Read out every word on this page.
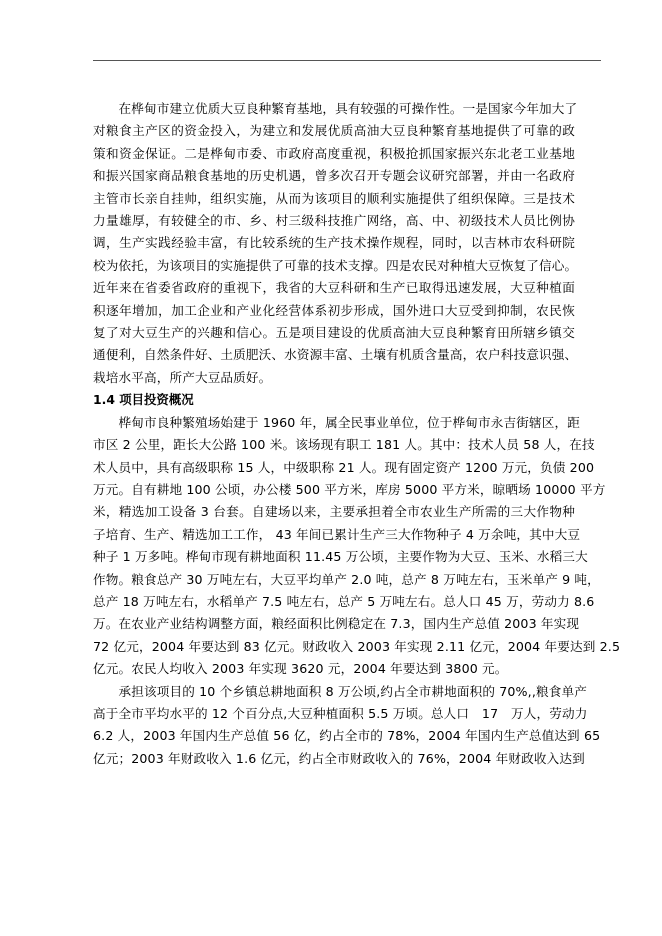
　　在桦甸市建立优质大豆良种繁育基地，具有较强的可操作性。一是国家今年加大了
对粮食主产区的资金投入，为建立和发展优质高油大豆良种繁育基地提供了可靠的政
策和资金保证。二是桦甸市委、市政府高度重视，积极抢抓国家振兴东北老工业基地
和振兴国家商品粮食基地的历史机遇，曾多次召开专题会议研究部署，并由一名政府
主管市长亲自挂帅，组织实施，从而为该项目的顺利实施提供了组织保障。三是技术
力量雄厚，有较健全的市、乡、村三级科技推广网络，高、中、初级技术人员比例协
调，生产实践经验丰富，有比较系统的生产技术操作规程，同时，以吉林市农科研院
校为依托，为该项目的实施提供了可靠的技术支撑。四是农民对种植大豆恢复了信心。
近年来在省委省政府的重视下，我省的大豆科研和生产已取得迅速发展，大豆种植面
积逐年增加，加工企业和产业化经营体系初步形成，国外进口大豆受到抑制，农民恢
复了对大豆生产的兴趣和信心。五是项目建设的优质高油大豆良种繁育田所辖乡镇交
通便利，自然条件好、土质肥沃、水资源丰富、土壤有机质含量高，农户科技意识强、
栽培水平高，所产大豆品质好。

1.4 项目投资概况

　　桦甸市良种繁殖场始建于 1960 年，属全民事业单位，位于桦甸市永吉街辖区，距
市区 2 公里，距长大公路 100 米。该场现有职工 181 人。其中：技术人员 58 人，在技
术人员中，具有高级职称 15 人，中级职称 21 人。现有固定资产 1200 万元，负债 200
万元。自有耕地 100 公顷，办公楼 500 平方米，库房 5000 平方米，晾晒场 10000 平方
米，精选加工设备 3 台套。自建场以来，主要承担着全市农业生产所需的三大作物种
子培育、生产、精选加工工作， 43 年间已累计生产三大作物种子 4 万余吨，其中大豆
种子 1 万多吨。桦甸市现有耕地面积 11.45 万公顷，主要作物为大豆、玉米、水稻三大
作物。粮食总产 30 万吨左右，大豆平均单产 2.0 吨，总产 8 万吨左右，玉米单产 9 吨，
总产 18 万吨左右，水稻单产 7.5 吨左右，总产 5 万吨左右。总人口 45 万，劳动力 8.6
万。在农业产业结构调整方面，粮经面积比例稳定在 7.3，国内生产总值 2003 年实现
72 亿元，2004 年要达到 83 亿元。财政收入 2003 年实现 2.11 亿元，2004 年要达到 2.5
亿元。农民人均收入 2003 年实现 3620 元，2004 年要达到 3800 元。

　　承担该项目的 10 个乡镇总耕地面积 8 万公顷,约占全市耕地面积的 70%,,粮食单产
高于全市平均水平的 12 个百分点,大豆种植面积 5.5 万顷。总人口　17　万人，劳动力
6.2 人，2003 年国内生产总值 56 亿，约占全市的 78%，2004 年国内生产总值达到 65
亿元；2003 年财政收入 1.6 亿元，约占全市财政收入的 76%，2004 年财政收入达到
